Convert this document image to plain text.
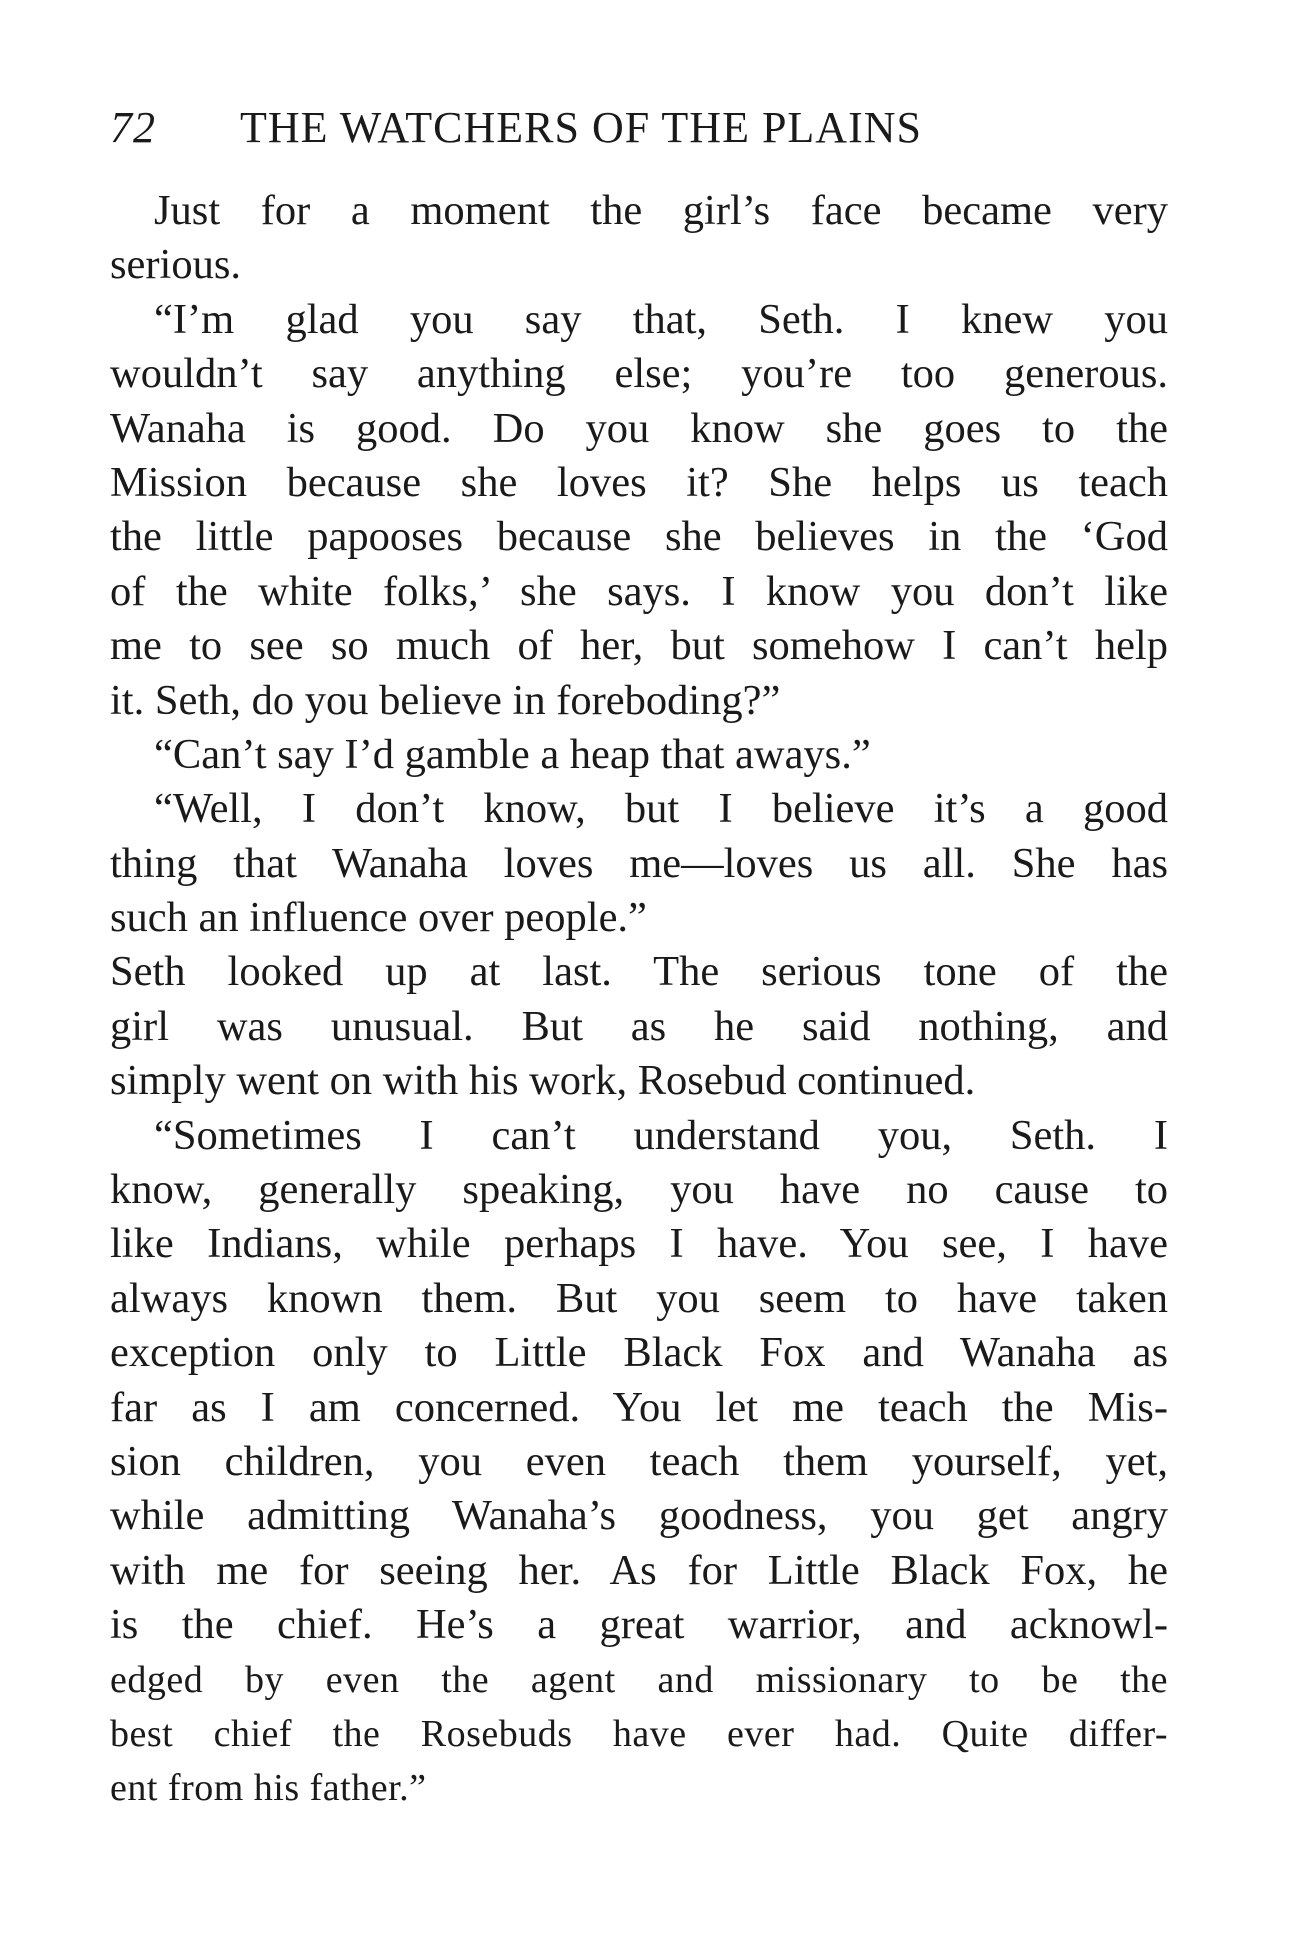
72 THE WATCHERS OF THE PLAINS
Just for a moment the girl’s face became very
serious.
“I’m glad you say that, Seth. I knew you
wouldn’t say anything else; you’re too generous.
Wanaha is good. Do you know she goes to the
Mission because she loves it? She helps us teach
the little papooses because she believes in the ‘God
of the white folks,’ she says. I know you don’t like
me to see so much of her, but somehow I can’t help
it. Seth, do you believe in foreboding?”
“Can’t say I’d gamble a heap that aways.”
“Well, I don’t know, but I believe it’s a good
thing that Wanaha loves me—loves us all. She has
such an influence over people.”
Seth looked up at last. The serious tone of the
girl was unusual. But as he said nothing, and
simply went on with his work, Rosebud continued.
“Sometimes I can’t understand you, Seth. I
know, generally speaking, you have no cause to
like Indians, while perhaps I have. You see, I have
always known them. But you seem to have taken
exception only to Little Black Fox and Wanaha as
far as I am concerned. You let me teach the Mis-
sion children, you even teach them yourself, yet,
while admitting Wanaha’s goodness, you get angry
with me for seeing her. As for Little Black Fox, he
is the chief. He’s a great warrior, and acknowl-
edged by even the agent and missionary to be the
best chief the Rosebuds have ever had. Quite differ-
ent from his father.”
